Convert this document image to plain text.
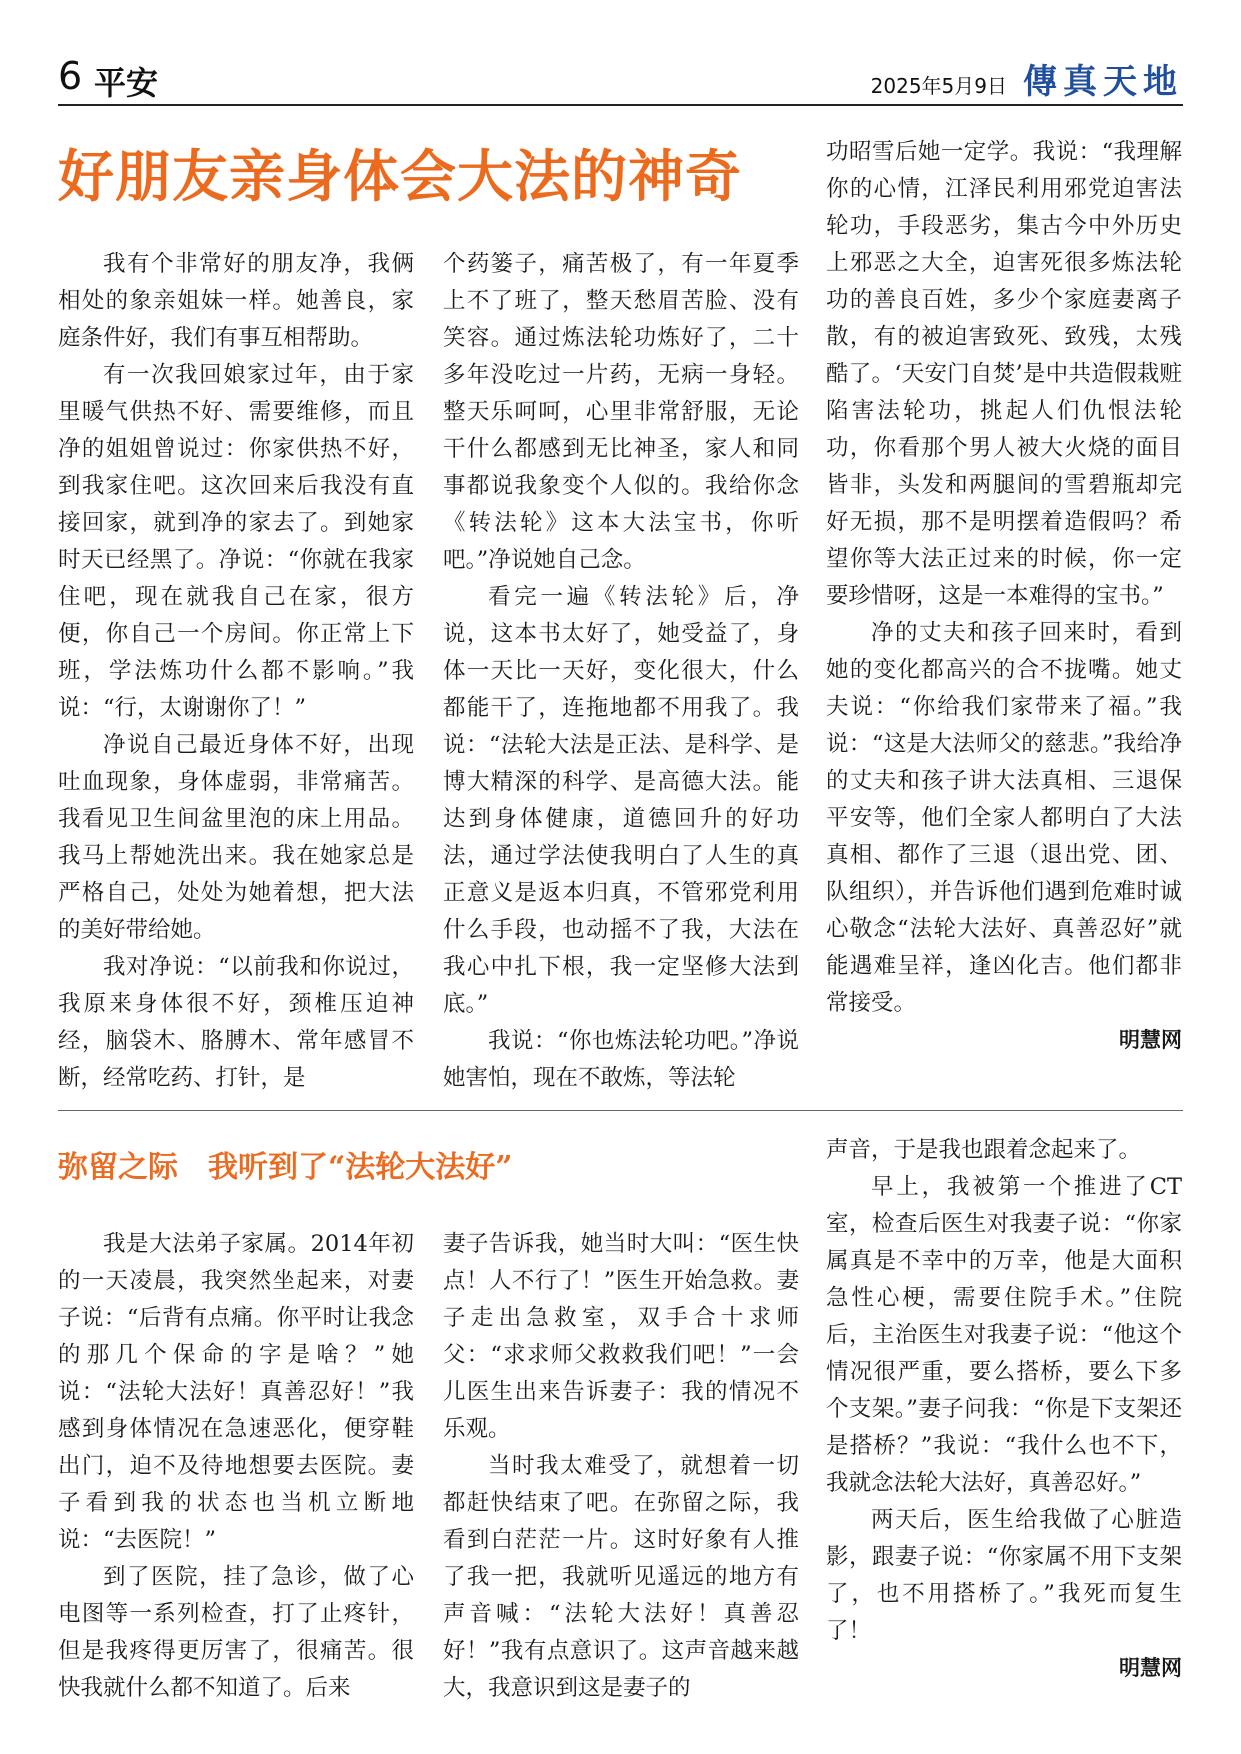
6 平安	2025年5月9日 傳真天地
好朋友亲身体会大法的神奇

我有个非常好的朋友净，我俩相处的象亲姐妹一样。她善良，家庭条件好，我们有事互相帮助。

有一次我回娘家过年，由于家里暖气供热不好、需要维修，而且净的姐姐曾说过：你家供热不好，到我家住吧。这次回来后我没有直接回家，就到净的家去了。到她家时天已经黑了。净说：“你就在我家住吧，现在就我自己在家，很方便，你自己一个房间。你正常上下班，学法炼功什么都不影响。”我说：“行，太谢谢你了！”

净说自己最近身体不好，出现吐血现象，身体虚弱，非常痛苦。我看见卫生间盆里泡的床上用品。我马上帮她洗出来。我在她家总是严格自己，处处为她着想，把大法的美好带给她。

我对净说：“以前我和你说过，我原来身体很不好，颈椎压迫神经，脑袋木、胳膊木、常年感冒不断，经常吃药、打针，是

个药篓子，痛苦极了，有一年夏季上不了班了，整天愁眉苦脸、没有笑容。通过炼法轮功炼好了，二十多年没吃过一片药，无病一身轻。整天乐呵呵，心里非常舒服，无论干什么都感到无比神圣，家人和同事都说我象变个人似的。我给你念《转法轮》这本大法宝书，你听吧。”净说她自己念。

看完一遍《转法轮》后，净说，这本书太好了，她受益了，身体一天比一天好，变化很大，什么都能干了，连拖地都不用我了。我说：“法轮大法是正法、是科学、是博大精深的科学、是高德大法。能达到身体健康，道德回升的好功法，通过学法使我明白了人生的真正意义是返本归真，不管邪党利用什么手段，也动摇不了我，大法在我心中扎下根，我一定坚修大法到底。”

我说：“你也炼法轮功吧。”净说她害怕，现在不敢炼，等法轮

功昭雪后她一定学。我说：“我理解你的心情，江泽民利用邪党迫害法轮功，手段恶劣，集古今中外历史上邪恶之大全，迫害死很多炼法轮功的善良百姓，多少个家庭妻离子散，有的被迫害致死、致残，太残酷了。‘天安门自焚’是中共造假栽赃陷害法轮功，挑起人们仇恨法轮功，你看那个男人被大火烧的面目皆非，头发和两腿间的雪碧瓶却完好无损，那不是明摆着造假吗？希望你等大法正过来的时候，你一定要珍惜呀，这是一本难得的宝书。”

净的丈夫和孩子回来时，看到她的变化都高兴的合不拢嘴。她丈夫说：“你给我们家带来了福。”我说：“这是大法师父的慈悲。”我给净的丈夫和孩子讲大法真相、三退保平安等，他们全家人都明白了大法真相、都作了三退（退出党、团、队组织），并告诉他们遇到危难时诚心敬念“法轮大法好、真善忍好”就能遇难呈祥，逢凶化吉。他们都非常接受。

明慧网
弥留之际　我听到了“法轮大法好”

我是大法弟子家属。2014年初的一天凌晨，我突然坐起来，对妻子说：“后背有点痛。你平时让我念的那几个保命的字是啥？”她说：“法轮大法好！真善忍好！”我感到身体情况在急速恶化，便穿鞋出门，迫不及待地想要去医院。妻子看到我的状态也当机立断地说：“去医院！”

到了医院，挂了急诊，做了心电图等一系列检查，打了止疼针，但是我疼得更厉害了，很痛苦。很快我就什么都不知道了。后来

妻子告诉我，她当时大叫：“医生快点！人不行了！”医生开始急救。妻子走出急救室，双手合十求师父：“求求师父救救我们吧！”一会儿医生出来告诉妻子：我的情况不乐观。

当时我太难受了，就想着一切都赶快结束了吧。在弥留之际，我看到白茫茫一片。这时好象有人推了我一把，我就听见遥远的地方有声音喊：“法轮大法好！真善忍好！”我有点意识了。这声音越来越大，我意识到这是妻子的

声音，于是我也跟着念起来了。

早上，我被第一个推进了CT室，检查后医生对我妻子说：“你家属真是不幸中的万幸，他是大面积急性心梗，需要住院手术。”住院后，主治医生对我妻子说：“他这个情况很严重，要么搭桥，要么下多个支架。”妻子问我：“你是下支架还是搭桥？”我说：“我什么也不下，我就念法轮大法好，真善忍好。”

两天后，医生给我做了心脏造影，跟妻子说：“你家属不用下支架了，也不用搭桥了。”我死而复生了！

明慧网
